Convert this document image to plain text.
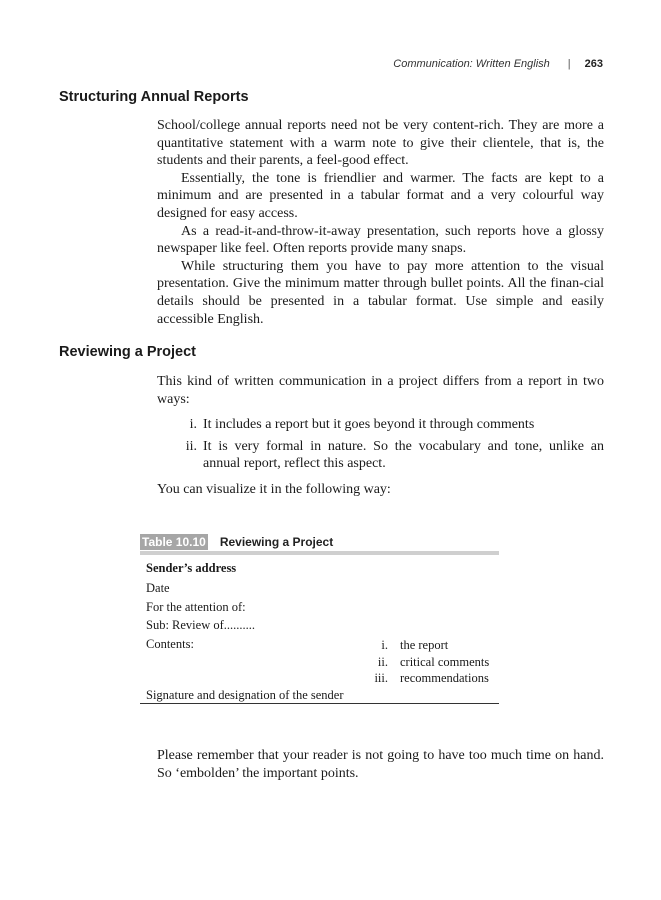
Communication: Written English | 263
Structuring Annual Reports

School/college annual reports need not be very content-rich. They are more a quantitative statement with a warm note to give their clientele, that is, the students and their parents, a feel-good effect.

Essentially, the tone is friendlier and warmer. The facts are kept to a minimum and are presented in a tabular format and a very colourful way designed for easy access.

As a read-it-and-throw-it-away presentation, such reports hove a glossy newspaper like feel. Often reports provide many snaps.

While structuring them you have to pay more attention to the visual presentation. Give the minimum matter through bullet points. All the finan-cial details should be presented in a tabular format. Use simple and easily accessible English.

Reviewing a Project

This kind of written communication in a project differs from a report in two ways:

i. It includes a report but it goes beyond it through comments
ii. It is very formal in nature. So the vocabulary and tone, unlike an annual report, reflect this aspect.
You can visualize it in the following way:
Table 10.10 Reviewing a Project
Sender’s address
Date
For the attention of:
Sub: Review of..........
Contents:	i. the report
ii. critical comments
iii. recommendations
Signature and designation of the sender

Please remember that your reader is not going to have too much time on hand. So ‘embolden’ the important points.
